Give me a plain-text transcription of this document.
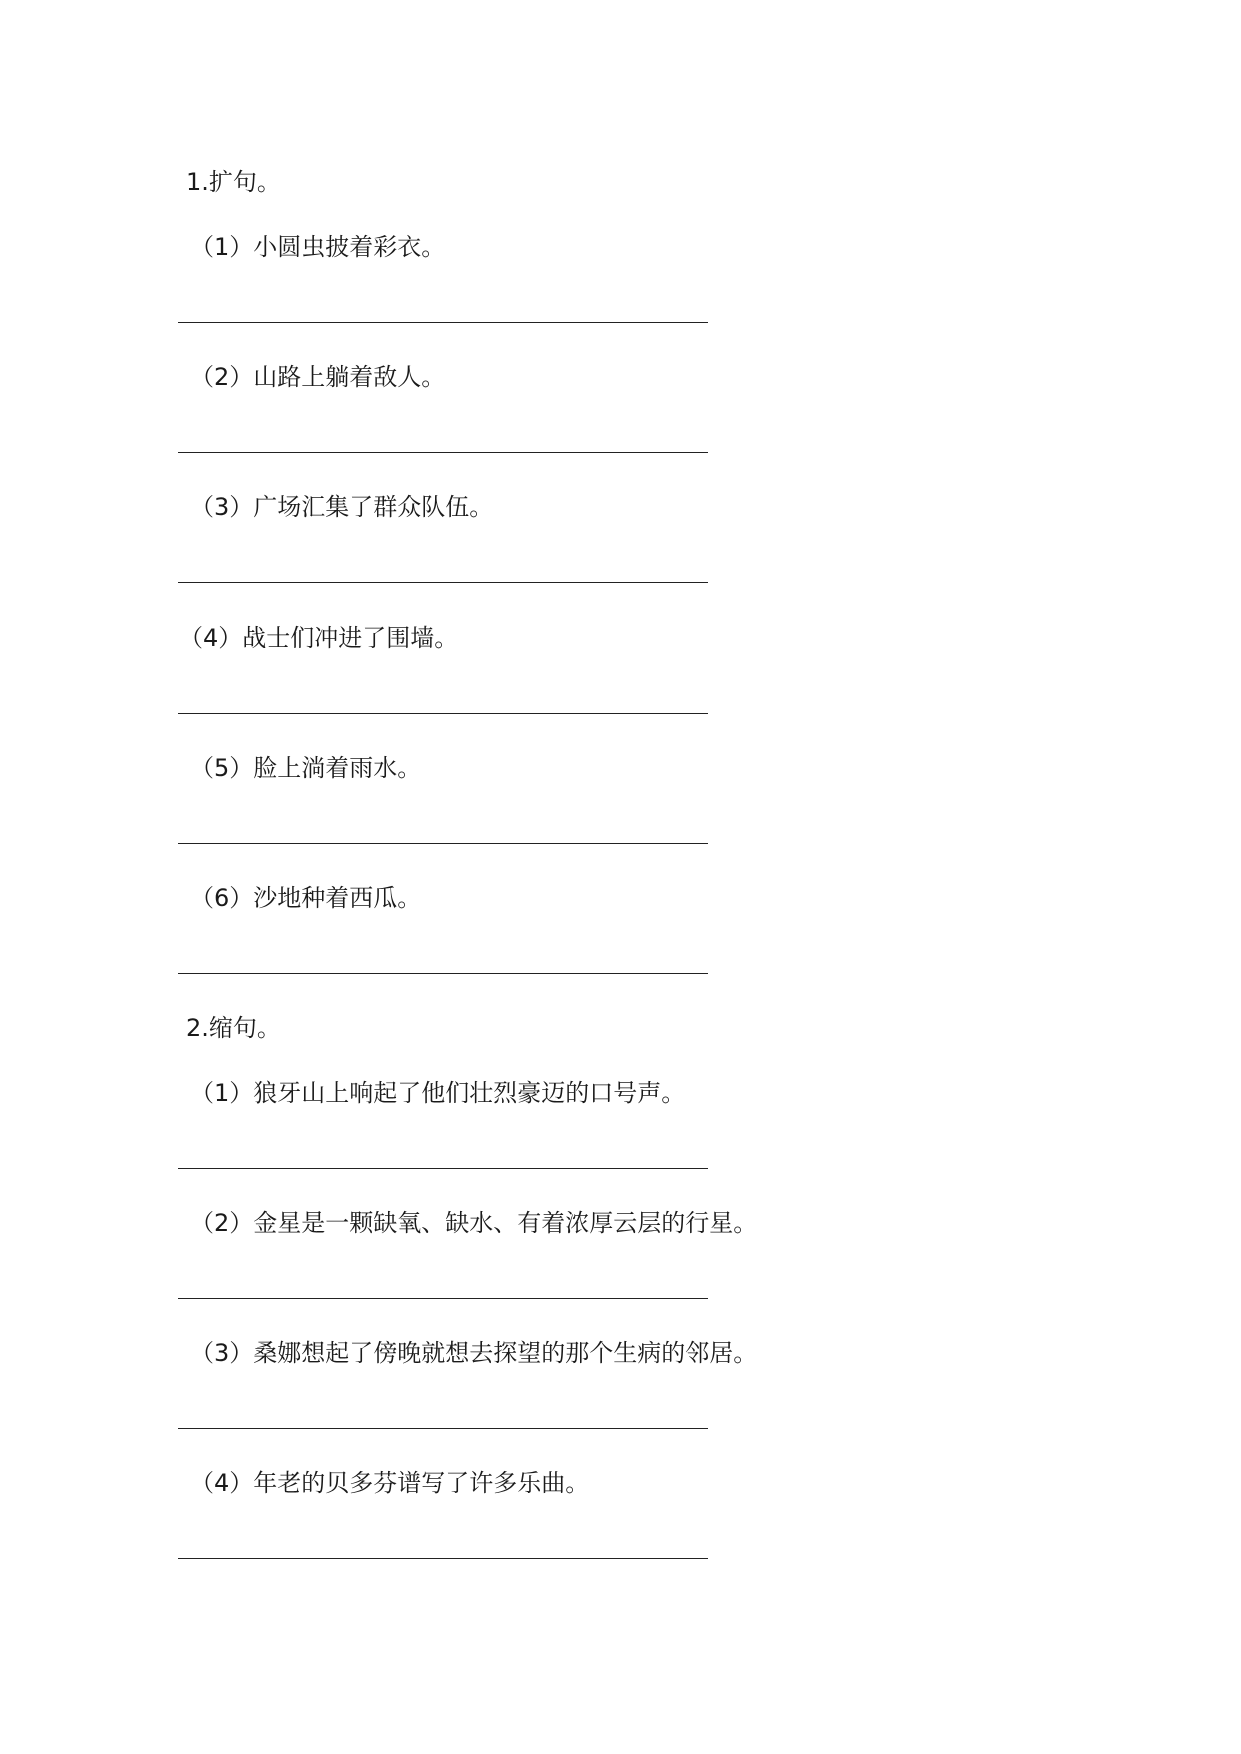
1.扩句。
（1）小圆虫披着彩衣。
（2）山路上躺着敌人。
（3）广场汇集了群众队伍。
（4）战士们冲进了围墙。
（5）脸上淌着雨水。
（6）沙地种着西瓜。
2.缩句。
（1）狼牙山上响起了他们壮烈豪迈的口号声。
（2）金星是一颗缺氧、缺水、有着浓厚云层的行星。
（3）桑娜想起了傍晚就想去探望的那个生病的邻居。
（4）年老的贝多芬谱写了许多乐曲。
